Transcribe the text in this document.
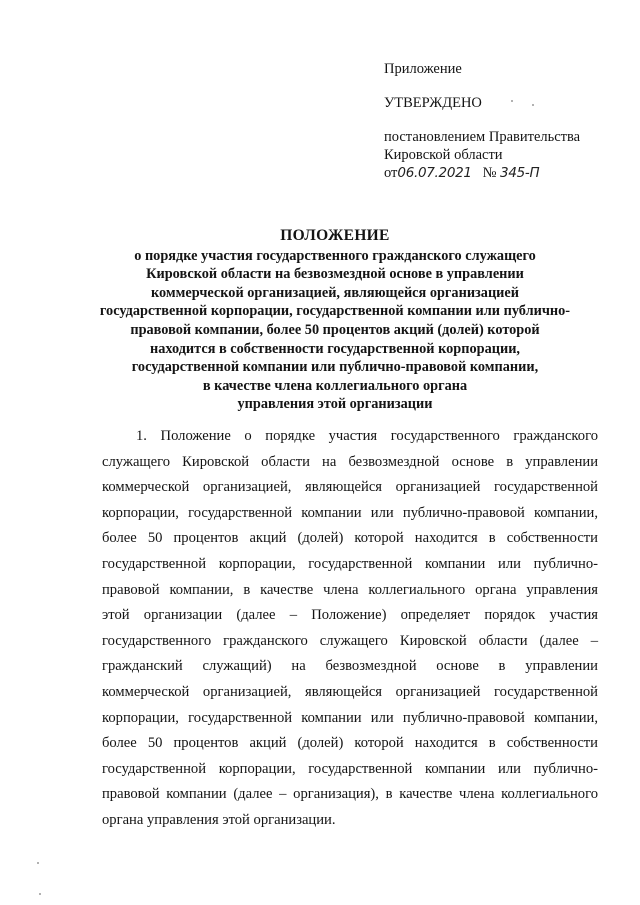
Приложение
УТВЕРЖДЕНО
постановлением Правительства
Кировской области
от06.07.2021 № 345-П
ПОЛОЖЕНИЕ
о порядке участия государственного гражданского служащего
Кировской области на безвозмездной основе в управлении
коммерческой организацией, являющейся организацией
государственной корпорации, государственной компании или публично-
правовой компании, более 50 процентов акций (долей) которой
находится в собственности государственной корпорации,
государственной компании или публично-правовой компании,
в качестве члена коллегиального органа
управления этой организации
1. Положение о порядке участия государственного гражданского
служащего Кировской области на безвозмездной основе в управлении
коммерческой организацией, являющейся организацией государственной
корпорации, государственной компании или публично-правовой компании,
более 50 процентов акций (долей) которой находится в собственности
государственной корпорации, государственной компании или публично-
правовой компании, в качестве члена коллегиального органа управления
этой организации (далее – Положение) определяет порядок участия
государственного гражданского служащего Кировской области (далее –
гражданский служащий) на безвозмездной основе в управлении
коммерческой организацией, являющейся организацией государственной
корпорации, государственной компании или публично-правовой компании,
более 50 процентов акций (долей) которой находится в собственности
государственной корпорации, государственной компании или публично-
правовой компании (далее – организация), в качестве члена коллегиального
органа управления этой организации.
